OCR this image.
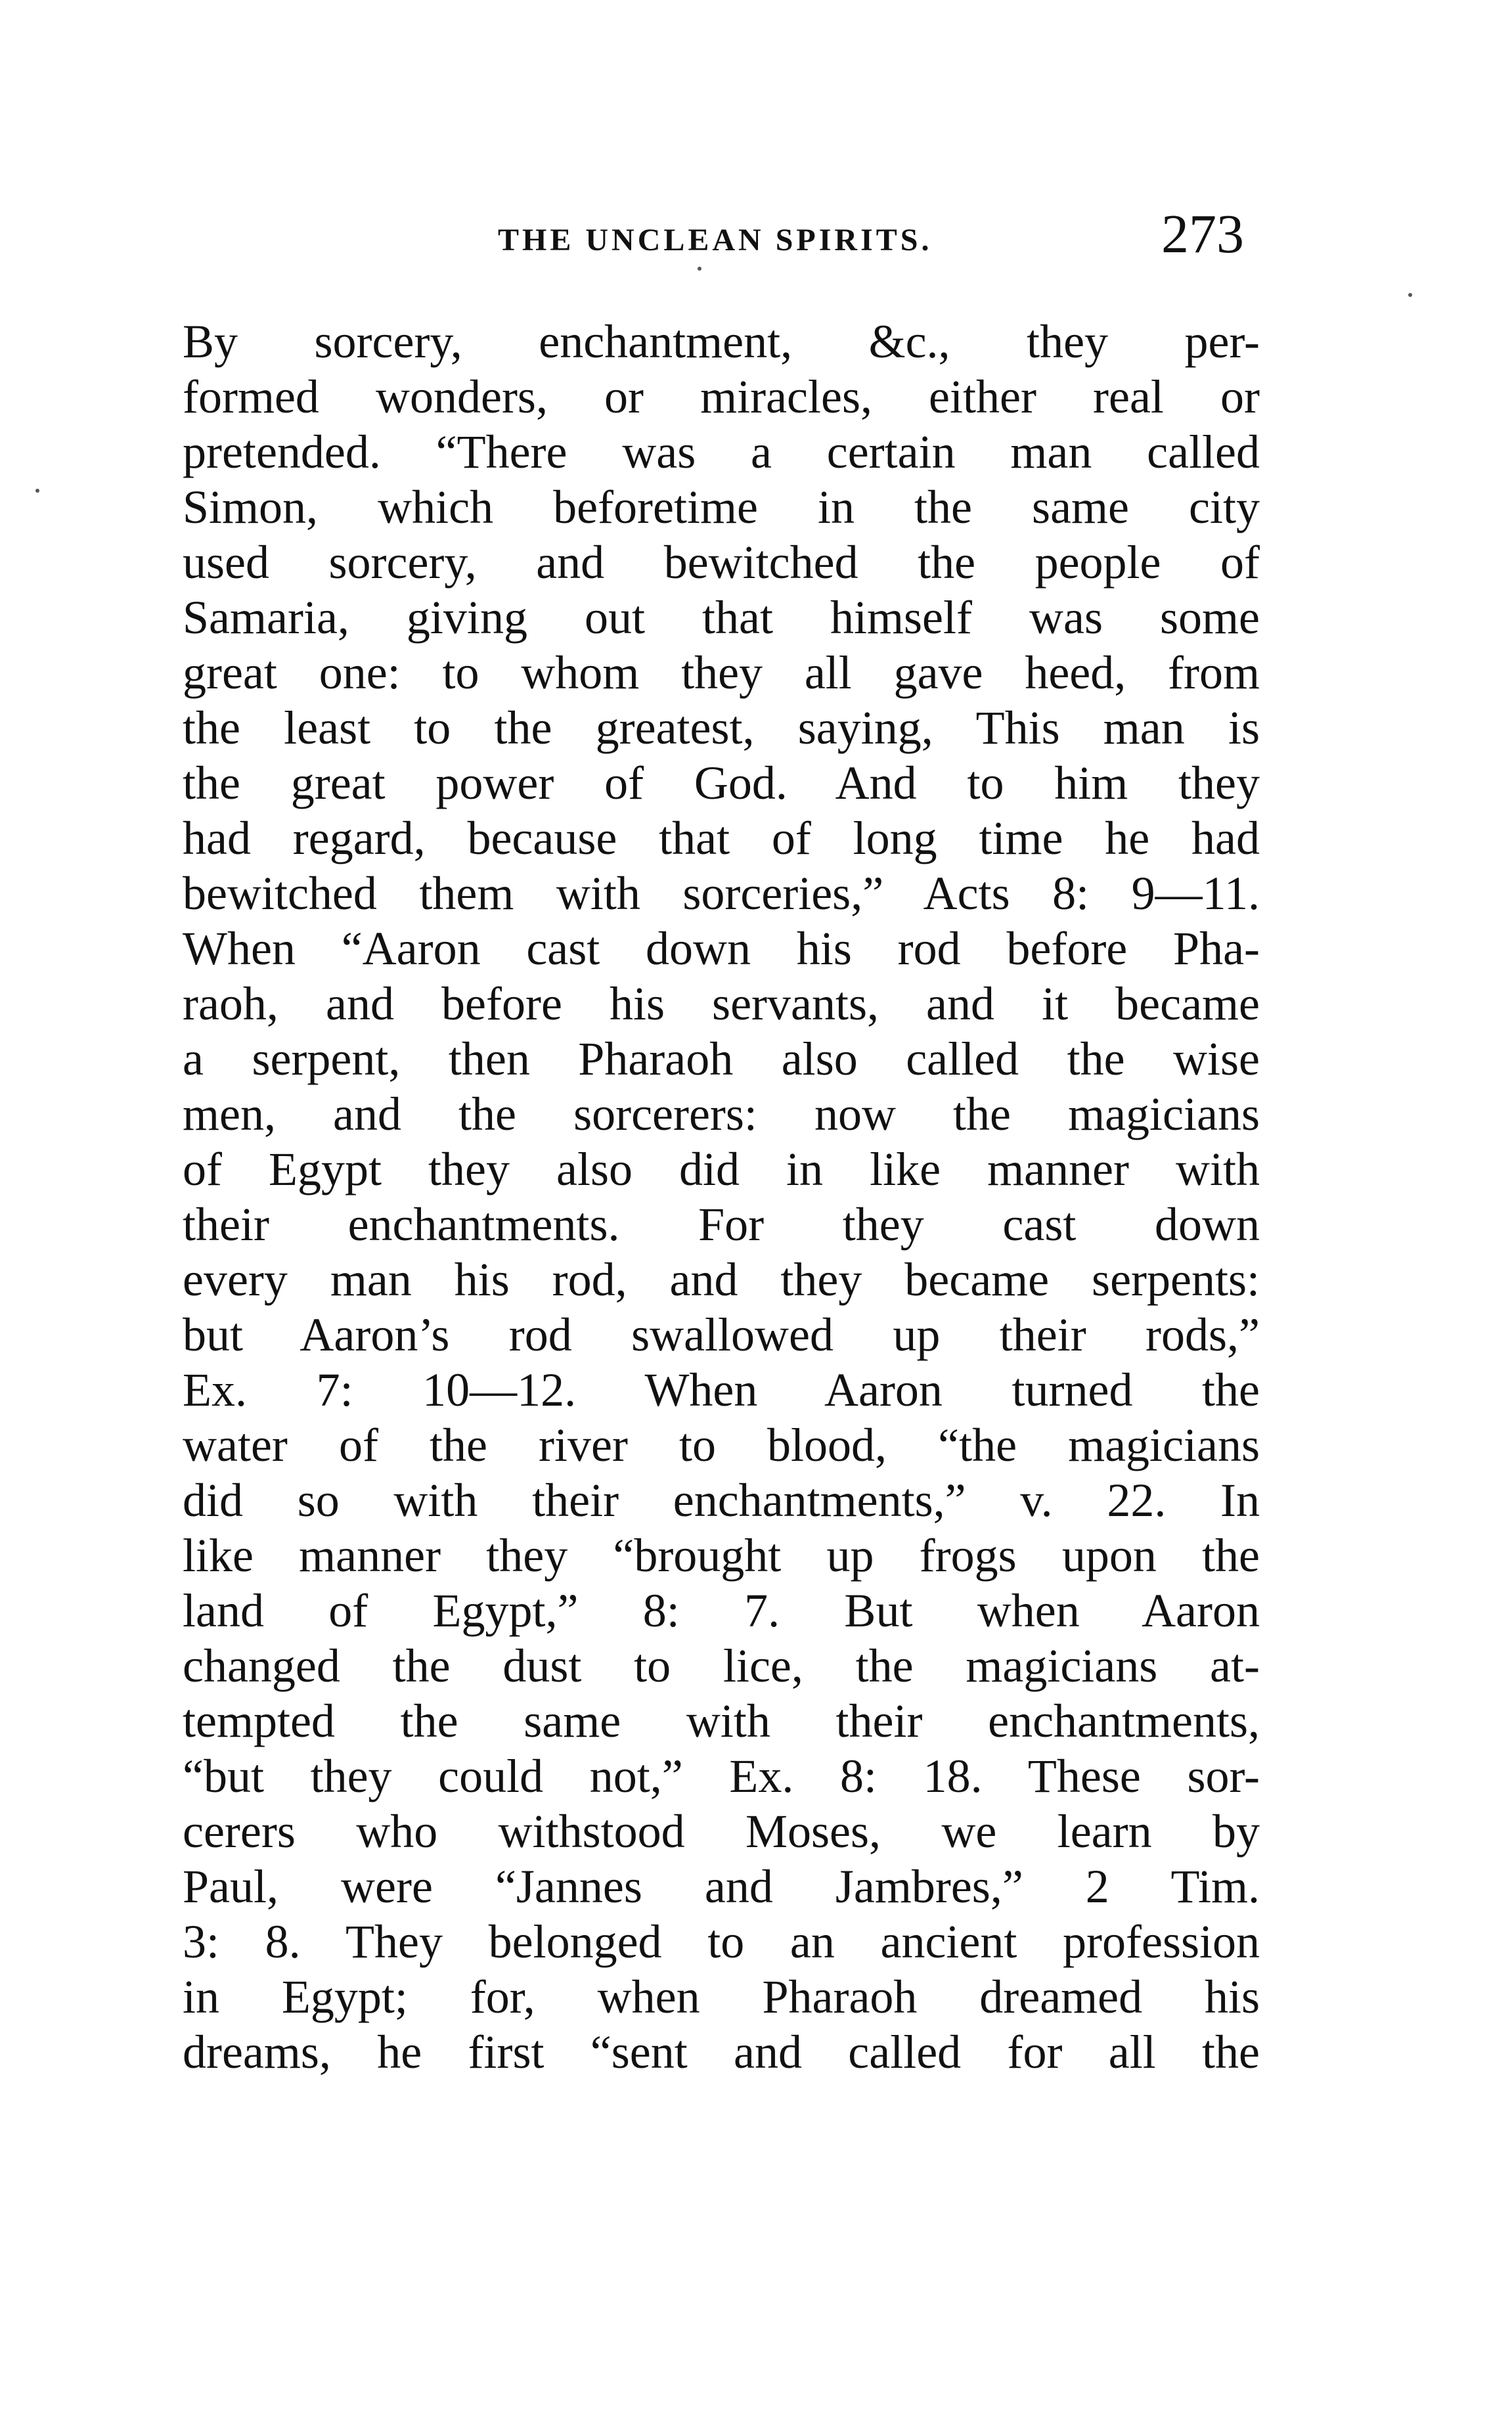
THE UNCLEAN SPIRITS.	273
By sorcery, enchantment, &c., they per-
formed wonders, or miracles, either real or
pretended. “There was a certain man called
Simon, which beforetime in the same city
used sorcery, and bewitched the people of
Samaria, giving out that himself was some
great one: to whom they all gave heed, from
the least to the greatest, saying, This man is
the great power of God. And to him they
had regard, because that of long time he had
bewitched them with sorceries,” Acts 8: 9—11.
When “Aaron cast down his rod before Pha-
raoh, and before his servants, and it became
a serpent, then Pharaoh also called the wise
men, and the sorcerers: now the magicians
of Egypt they also did in like manner with
their enchantments. For they cast down
every man his rod, and they became serpents:
but Aaron’s rod swallowed up their rods,”
Ex. 7: 10—12. When Aaron turned the
water of the river to blood, “the magicians
did so with their enchantments,” v. 22. In
like manner they “brought up frogs upon the
land of Egypt,” 8: 7. But when Aaron
changed the dust to lice, the magicians at-
tempted the same with their enchantments,
“but they could not,” Ex. 8: 18. These sor-
cerers who withstood Moses, we learn by
Paul, were “Jannes and Jambres,” 2 Tim.
3: 8. They belonged to an ancient profession
in Egypt; for, when Pharaoh dreamed his
dreams, he first “sent and called for all the
